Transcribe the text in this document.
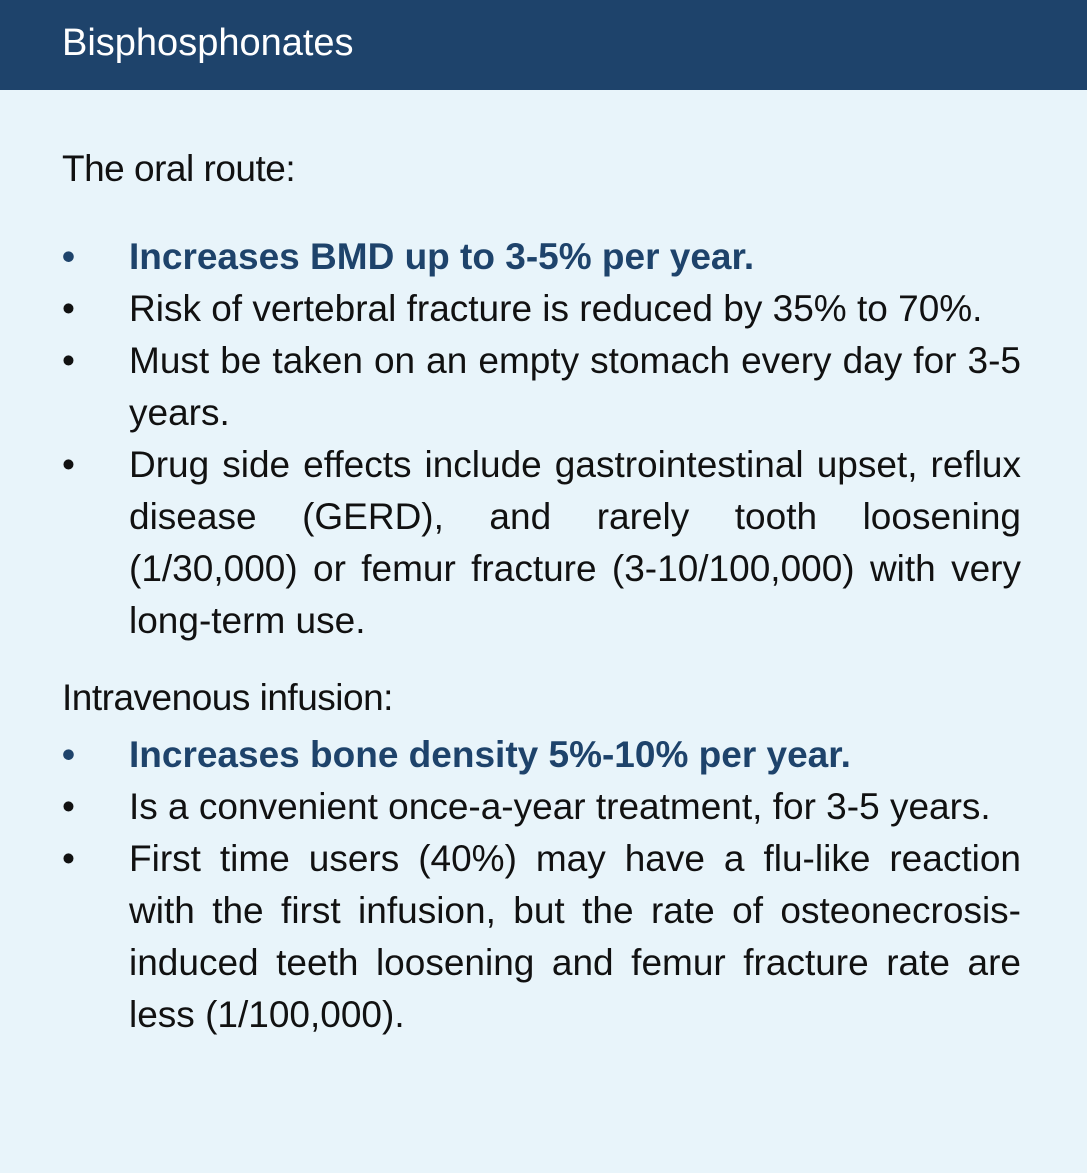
Bisphosphonates
The oral route:
• Increases BMD up to 3-5% per year.
• Risk of vertebral fracture is reduced by 35% to 70%.
• Must be taken on an empty stomach every day for 3-5 years.
• Drug side effects include gastrointestinal upset, reflux disease (GERD), and rarely tooth loosening (1/30,000) or femur fracture (3-10/100,000) with very long-term use.
Intravenous infusion:
• Increases bone density 5%-10% per year.
• Is a convenient once-a-year treatment, for 3-5 years.
• First time users (40%) may have a flu-like reaction with the first infusion, but the rate of osteonecrosis-induced teeth loosening and femur fracture rate are less (1/100,000).
